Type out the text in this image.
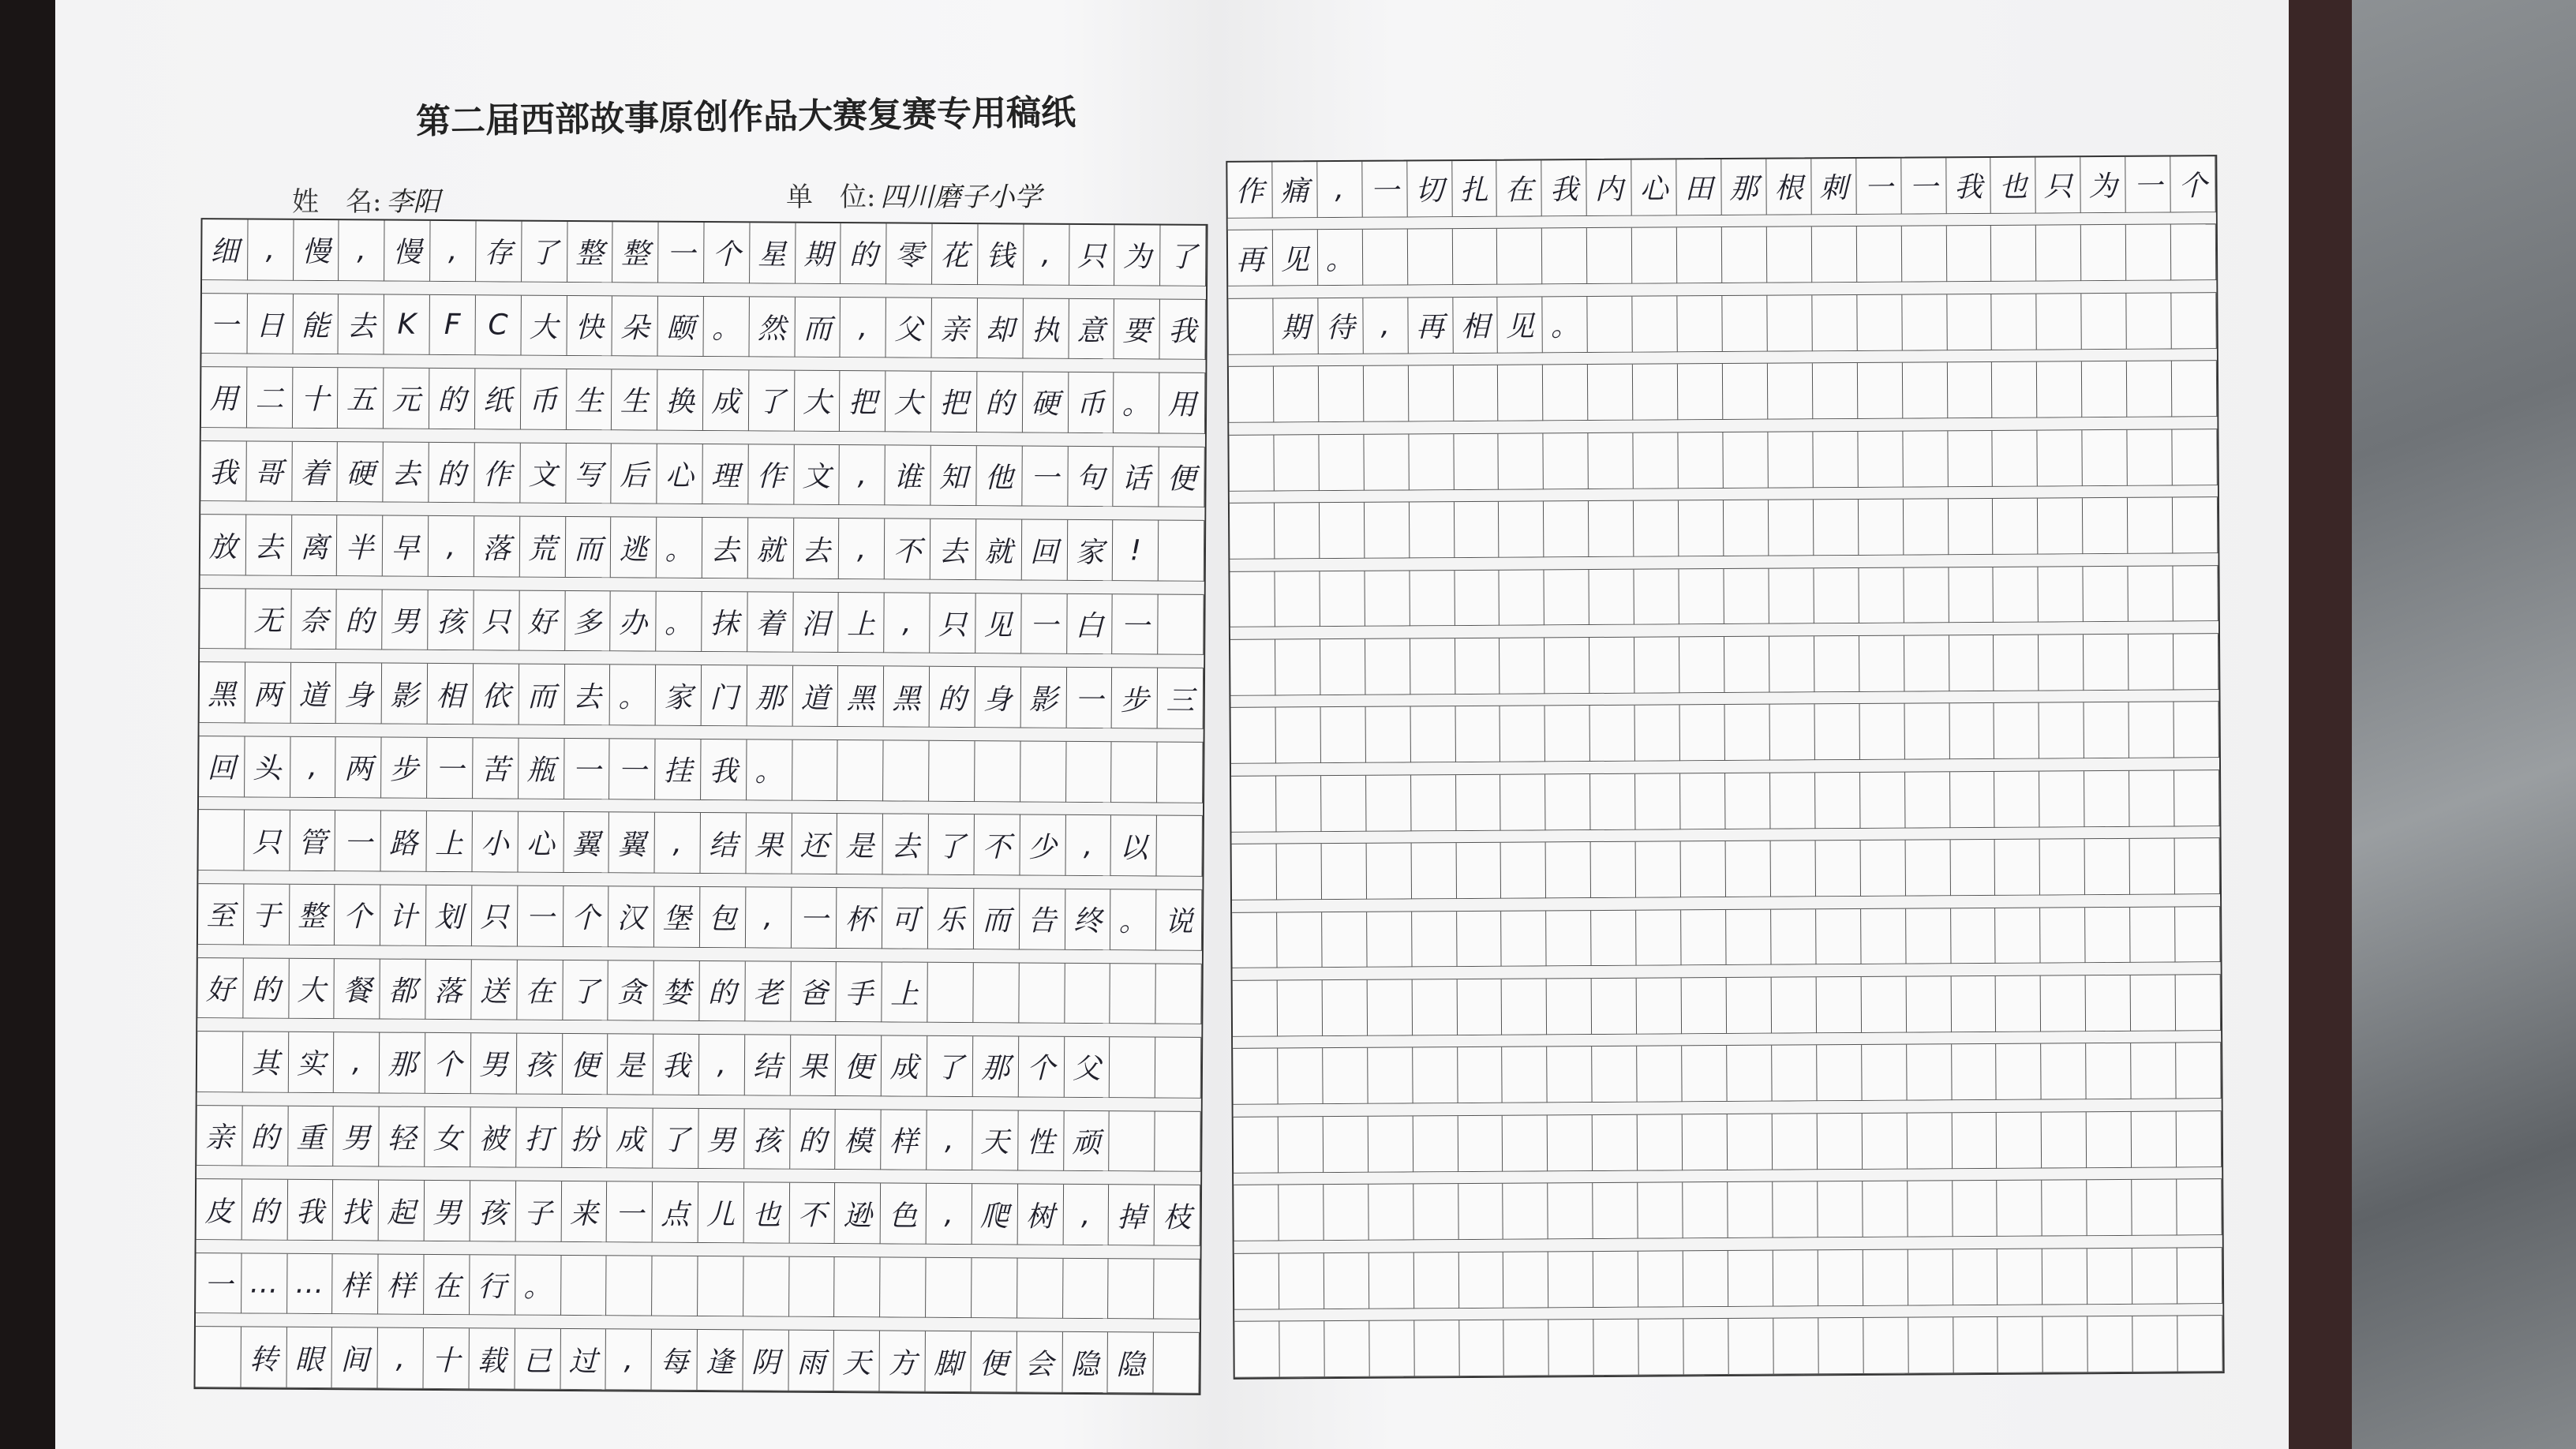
第二届西部故事原创作品大赛复赛专用稿纸
姓　名: 李阳	单　位: 四川磨子小学
细 , 慢 , 慢 , 存 了 整 整 一 个 星 期 的 零 花 钱 , 只 为 了
一 日 能 去 K F C 大 快 朵 颐 。 然 而 , 父 亲 却 执 意 要 我
用 二 十 五 元 的 纸 币 生 生 换 成 了 大 把 大 把 的 硬 币 。 用
我 哥 着 硬 去 的 作 文 写 后 心 理 作 文 , 谁 知 他 一 句 话 便
放 去 离 半 早 , 落 荒 而 逃 。 去 就 去 , 不 去 就 回 家 !

无 奈 的 男 孩 只 好 多 办 。 抹 着 泪 上 , 只 见 一 白 一
黑 两 道 身 影 相 依 而 去 。 家 门 那 道 黑 黑 的 身 影 一 步 三
回 头 , 两 步 一 苦 瓶 一 一 挂 我 。

只 管 一 路 上 小 心 翼 翼 , 结 果 还 是 去 了 不 少 , 以
至 于 整 个 计 划 只 一 个 汉 堡 包 , 一 杯 可 乐 而 告 终 。 说
好 的 大 餐 都 落 送 在 了 贪 婪 的 老 爸 手 上

其 实 , 那 个 男 孩 便 是 我 , 结 果 便 成 了 那 个 父
亲 的 重 男 轻 女 被 打 扮 成 了 男 孩 的 模 样 , 天 性 顽
皮 的 我 找 起 男 孩 子 来 一 点 儿 也 不 逊 色 , 爬 树 , 掉 枝
一 … … 样 样 在 行 。

转 眼 间 , 十 载 已 过 , 每 逢 阴 雨 天 方 脚 便 会 隐 隐
作 痛 , 一 切 扎 在 我 内 心 田 那 根 刺 一 一 我 也 只 为 一 个
再 见 。

期 待 , 再 相 见 。
